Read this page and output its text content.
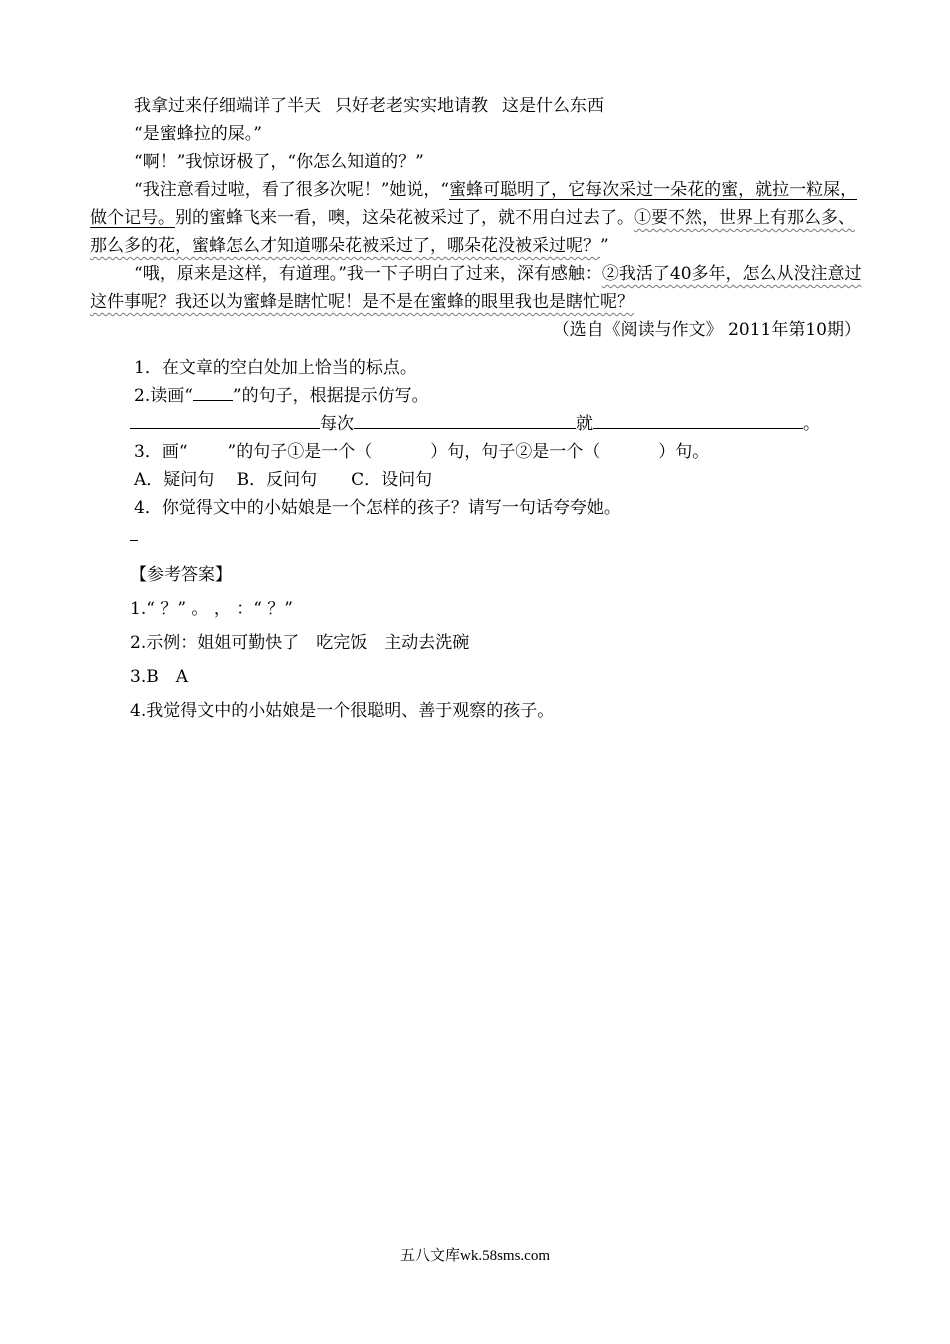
我拿过来仔细端详了半天 只好老老实实地请教 这是什么东西

“是蜜蜂拉的屎。”

“啊！”我惊讶极了，“你怎么知道的？”

“我注意看过啦，看了很多次呢！”她说，“蜜蜂可聪明了，它每次采过一朵花的蜜，就拉一粒屎，做个记号。别的蜜蜂飞来一看，噢，这朵花被采过了，就不用白过去了。①要不然，世界上有那么多、那么多的花，蜜蜂怎么才知道哪朵花被采过了，哪朵花没被采过呢？”

“哦，原来是这样，有道理。”我一下子明白了过来，深有感触：②我活了40多年，怎么从没注意过这件事呢？我还以为蜜蜂是瞎忙呢！是不是在蜜蜂的眼里我也是瞎忙呢？

（选自《阅读与作文》 2011年第10期）

1．在文章的空白处加上恰当的标点。

2.读画“ ”的句子，根据提示仿写。

每次	就	。

3．画“ ”的句子①是一个（	）句，句子②是一个（	）句。

A．疑问句　 B．反问句　　C．设问句

4．你觉得文中的小姑娘是一个怎样的孩子？请写一句话夸夸她。

【参考答案】

1.“ ？” 。 ， ：“ ？”

2.示例：姐姐可勤快了　吃完饭　主动去洗碗

3.B　A

4.我觉得文中的小姑娘是一个很聪明、善于观察的孩子。

五八文库wk.58sms.com
